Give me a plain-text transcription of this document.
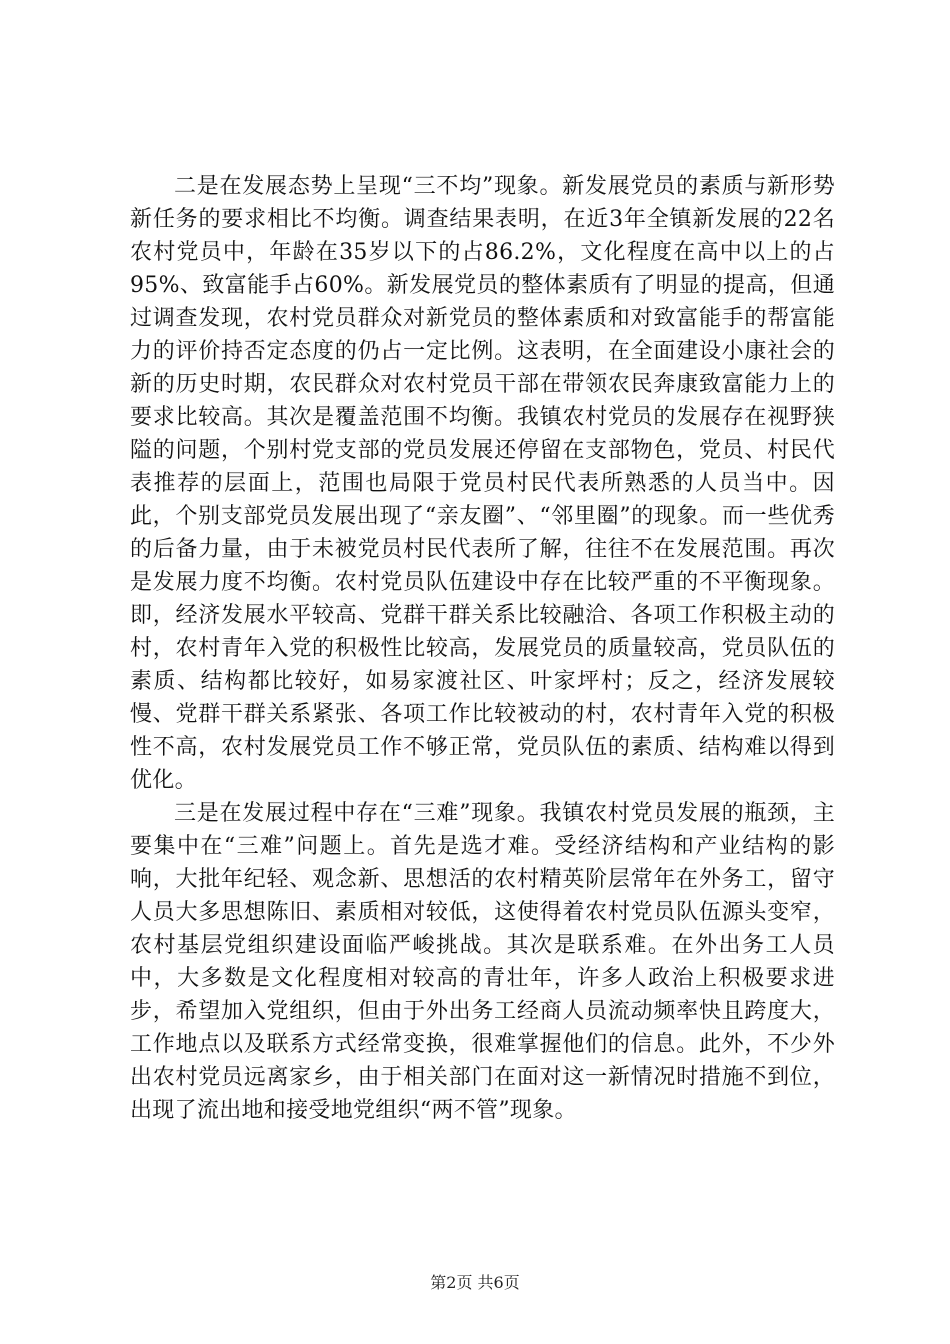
二是在发展态势上呈现“三不均”现象。新发展党员的素质与新形势新任务的要求相比不均衡。调查结果表明，在近3年全镇新发展的22名农村党员中，年龄在35岁以下的占86.2%，文化程度在高中以上的占95%、致富能手占60%。新发展党员的整体素质有了明显的提高，但通过调查发现，农村党员群众对新党员的整体素质和对致富能手的帮富能力的评价持否定态度的仍占一定比例。这表明，在全面建设小康社会的新的历史时期，农民群众对农村党员干部在带领农民奔康致富能力上的要求比较高。其次是覆盖范围不均衡。我镇农村党员的发展存在视野狭隘的问题，个别村党支部的党员发展还停留在支部物色，党员、村民代表推荐的层面上，范围也局限于党员村民代表所熟悉的人员当中。因此，个别支部党员发展出现了“亲友圈”、“邻里圈”的现象。而一些优秀的后备力量，由于未被党员村民代表所了解，往往不在发展范围。再次是发展力度不均衡。农村党员队伍建设中存在比较严重的不平衡现象。即，经济发展水平较高、党群干群关系比较融洽、各项工作积极主动的村，农村青年入党的积极性比较高，发展党员的质量较高，党员队伍的素质、结构都比较好，如易家渡社区、叶家坪村；反之，经济发展较慢、党群干群关系紧张、各项工作比较被动的村，农村青年入党的积极性不高，农村发展党员工作不够正常，党员队伍的素质、结构难以得到优化。

三是在发展过程中存在“三难”现象。我镇农村党员发展的瓶颈，主要集中在“三难”问题上。首先是选才难。受经济结构和产业结构的影响，大批年纪轻、观念新、思想活的农村精英阶层常年在外务工，留守人员大多思想陈旧、素质相对较低，这使得着农村党员队伍源头变窄，农村基层党组织建设面临严峻挑战。其次是联系难。在外出务工人员中，大多数是文化程度相对较高的青壮年，许多人政治上积极要求进步，希望加入党组织，但由于外出务工经商人员流动频率快且跨度大，工作地点以及联系方式经常变换，很难掌握他们的信息。此外，不少外出农村党员远离家乡，由于相关部门在面对这一新情况时措施不到位，出现了流出地和接受地党组织“两不管”现象。

第2页 共6页
